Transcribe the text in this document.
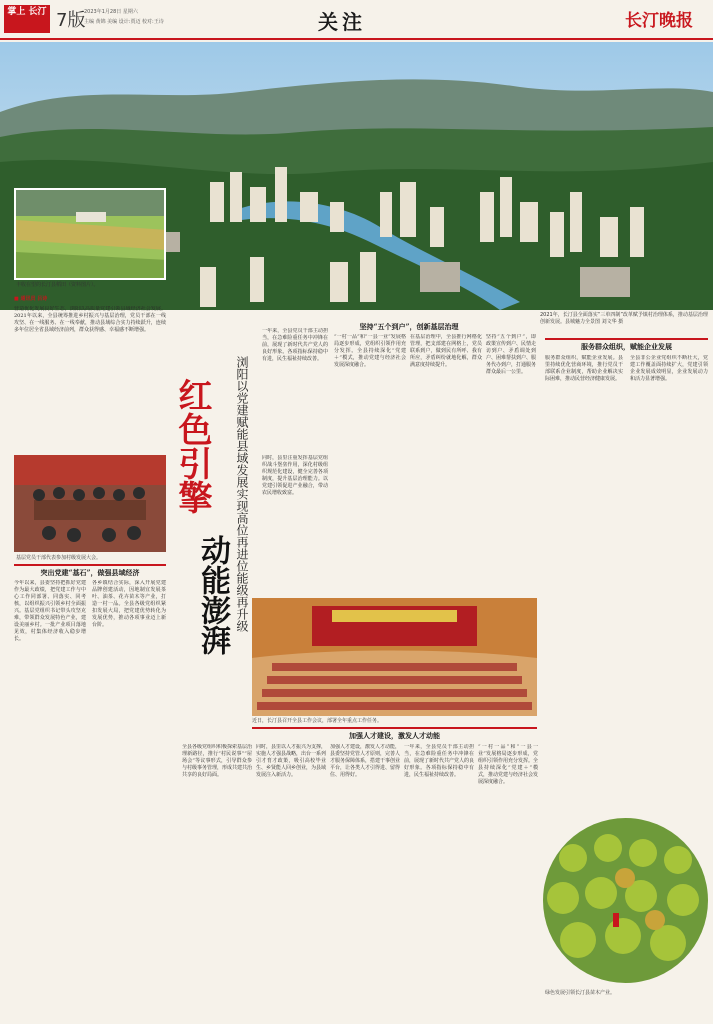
掌上 长汀 7版
2023年1月28日 星期六
主编 黄锦 美编 设计:贾迈 校对:王诗	关注	长汀晚报
2021年，长汀县全面落实“三单四制”改革赋予镇村治理体系，推动基层治理创新发展。县城魅力全景图 刘文华 摄
丰收在望的长汀县稻田（资料图片）。
■ 通讯员 吕诗
营造优化发展良好生态，浏阳以高质量党建引领县域经济社会发展。2021年以来，全县统筹推进乡村振兴与基层治理，党员干部在一线攻坚、在一线服务、在一线奉献，推动县域综合实力持续跃升，连续多年位居全省县域经济前列，群众获得感、幸福感不断增强。
基层党员干部代表参加村级发展大会。
突出党建“基石”，做强县域经济
今年以来，县委坚持把抓好党建作为最大政绩，把党建工作与中心工作同部署、同落实、同考核，以组织振兴引领乡村全面振兴。基层党组织书记带头攻坚克难，带领群众发展特色产业，建设美丽乡村。一批产业项目落地见效，村集体经济收入稳步增长。
各乡镇结合实际，深入开展党建品牌创建活动，因地制宜发展茶叶、油茶、花卉苗木等产业，打造一村一品。全县各级党组织紧扣发展大局，把党建优势转化为发展优势，推动各项事业迈上新台阶。
红色引擎 浏阳以党建赋能县域发展实现高位再进位能级再升级
动能澎湃
一年来，全县党员干部主动担当，在急难险重任务中冲锋在前，展现了新时代共产党人的良好形象。各项指标保持稳中有进，民生福祉持续改善。
同时，县里注重发挥基层党组织战斗堡垒作用，深化村级组织规范化建设，健全完善各项制度，提升基层治理能力。以党建引领促进产业融合，带动农民增收致富。
坚持“五个到户”，创新基层治理
“一村一品”和“一县一业”发展格局逐步形成，党组织引领作用充分发挥。全县持续深化“党建＋”模式，推动党建与经济社会发展深度融合。
在基层治理中，全县推行网格化管理，把支部建在网格上，党员联系到户，做到民有所呼、我有所应，矛盾纠纷就地化解，群众满意度持续提升。
坚持“五个到户”，即政策宣传到户、民情走访到户、矛盾调处到户、困难帮扶到户、服务代办到户，打通服务群众最后一公里。
近日，长汀县召开全县工作会议，部署全年重点工作任务。
加强人才建设，激发人才动能
全县各级党组织积极探索基层治理新路径，推行“村民说事”“屋场会”等议事形式，引导群众参与村级事务管理，形成共建共治共享的良好局面。
同时，县里以人才振兴为支撑，实施人才强县战略，出台一系列引才育才政策，吸引高校毕业生、乡贤能人回乡创业，为县域发展注入新活力。
加强人才建设，激发人才动能，县委坚持党管人才原则，完善人才服务保障体系，搭建干事创业平台，让各类人才引得进、留得住、用得好。
一年来，全县党员干部主动担当，在急难险重任务中冲锋在前，展现了新时代共产党人的良好形象。各项指标保持稳中有进，民生福祉持续改善。
“一村一品”和“一县一业”发展格局逐步形成，党组织引领作用充分发挥。全县持续深化“党建＋”模式，推动党建与经济社会发展深度融合。
服务群众组织，赋能企业发展
服务群众组织，赋能企业发展。县里持续优化营商环境，推行党员干部联系企业制度，帮助企业解决实际困难，推动民营经济健康发展。
全县非公企业党组织不断壮大，党建工作覆盖面持续扩大，党建引领企业发展成效明显，企业发展动力和活力显著增强。
绿色发展引领长汀县苗木产业。
